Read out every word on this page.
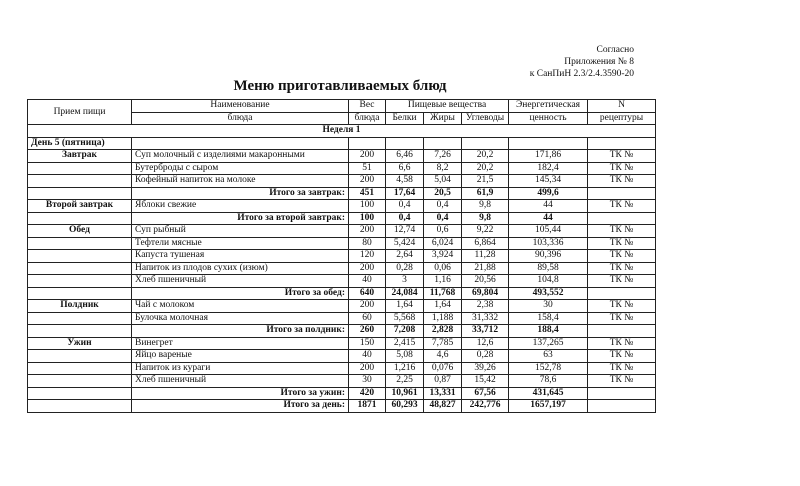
Согласно
Приложения № 8
к СанПиН 2.3/2.4.3590-20
Меню приготавливаемых блюд
Прием пищи	Наименование	Вес	Пищевые вещества			Энергетическая	N
	блюда	блюда	Белки	Жиры	Углеводы	ценность	рецептуры
Неделя 1							
День 5 (пятница)							
Завтрак	Суп молочный с изделиями макаронными	200	6,46	7,26	20,2	171,86	ТК №
	Бутерброды с сыром	51	6,6	8,2	20,2	182,4	ТК №
	Кофейный напиток на молоке	200	4,58	5,04	21,5	145,34	ТК №
	Итого за завтрак:	451	17,64	20,5	61,9	499,6	
Второй завтрак	Яблоки свежие	100	0,4	0,4	9,8	44	ТК №
	Итого за второй завтрак:	100	0,4	0,4	9,8	44	
Обед	Суп рыбный	200	12,74	0,6	9,22	105,44	ТК №
	Тефтели мясные	80	5,424	6,024	6,864	103,336	ТК №
	Капуста тушеная	120	2,64	3,924	11,28	90,396	ТК №
	Напиток из плодов сухих (изюм)	200	0,28	0,06	21,88	89,58	ТК №
	Хлеб пшеничный	40	3	1,16	20,56	104,8	ТК №
	Итого за обед:	640	24,084	11,768	69,804	493,552	
Полдник	Чай с молоком	200	1,64	1,64	2,38	30	ТК №
	Булочка молочная	60	5,568	1,188	31,332	158,4	ТК №
	Итого за полдник:	260	7,208	2,828	33,712	188,4	
Ужин	Винегрет	150	2,415	7,785	12,6	137,265	ТК №
	Яйцо вареные	40	5,08	4,6	0,28	63	ТК №
	Напиток из кураги	200	1,216	0,076	39,26	152,78	ТК №
	Хлеб пшеничный	30	2,25	0,87	15,42	78,6	ТК №
	Итого за ужин:	420	10,961	13,331	67,56	431,645	
	Итого за день:	1871	60,293	48,827	242,776	1657,197	
